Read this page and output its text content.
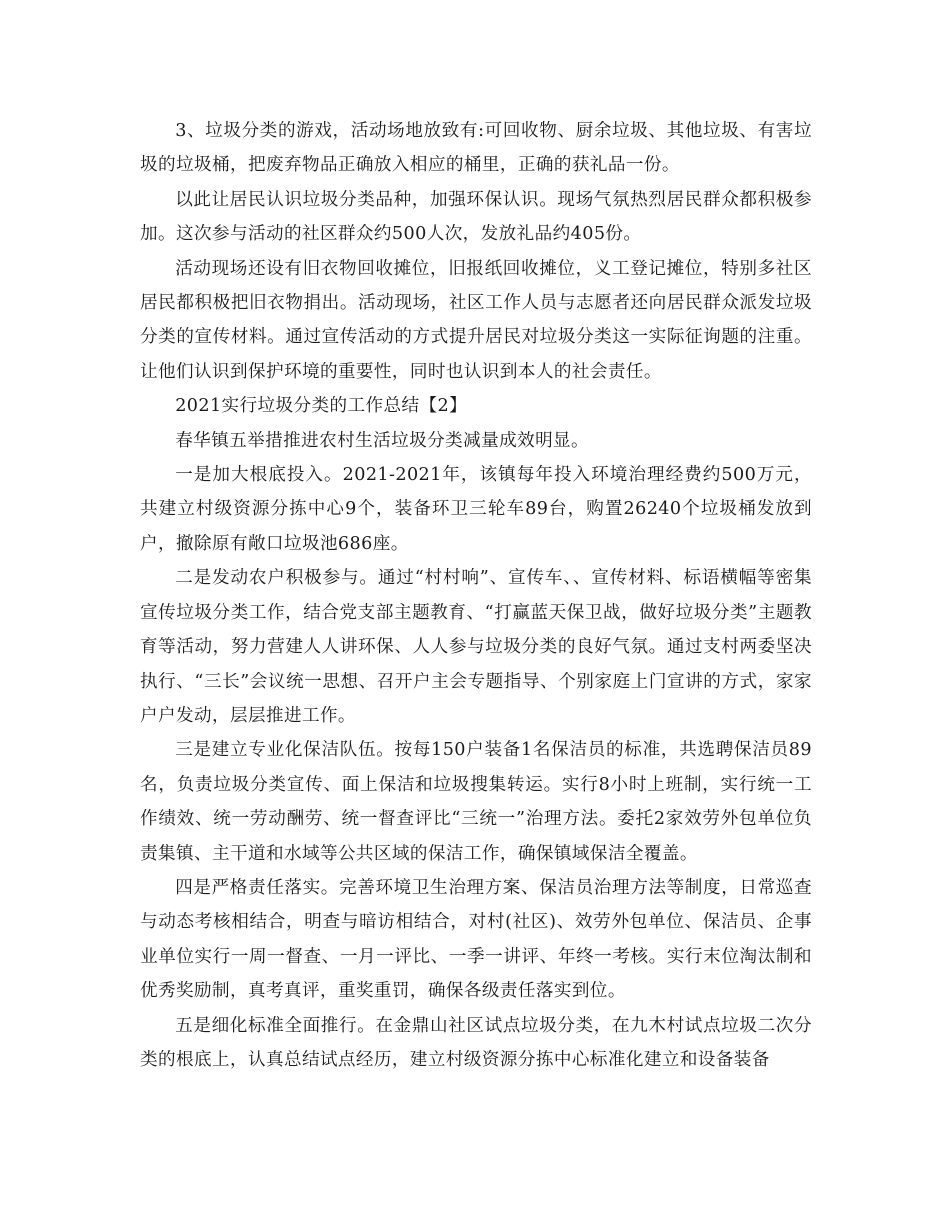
3、垃圾分类的游戏，活动场地放致有:可回收物、厨余垃圾、其他垃圾、有害垃圾的垃圾桶，把废弃物品正确放入相应的桶里，正确的获礼品一份。

以此让居民认识垃圾分类品种，加强环保认识。现场气氛热烈居民群众都积极参加。这次参与活动的社区群众约500人次，发放礼品约405份。

活动现场还设有旧衣物回收摊位，旧报纸回收摊位，义工登记摊位，特别多社区居民都积极把旧衣物捐出。活动现场，社区工作人员与志愿者还向居民群众派发垃圾分类的宣传材料。通过宣传活动的方式提升居民对垃圾分类这一实际征询题的注重。让他们认识到保护环境的重要性，同时也认识到本人的社会责任。

2021实行垃圾分类的工作总结【2】

春华镇五举措推进农村生活垃圾分类减量成效明显。

一是加大根底投入。2021-2021年，该镇每年投入环境治理经费约500万元，共建立村级资源分拣中心9个，装备环卫三轮车89台，购置26240个垃圾桶发放到户，撤除原有敞口垃圾池686座。

二是发动农户积极参与。通过“村村响”、宣传车、、宣传材料、标语横幅等密集宣传垃圾分类工作，结合党支部主题教育、“打赢蓝天保卫战，做好垃圾分类”主题教育等活动，努力营建人人讲环保、人人参与垃圾分类的良好气氛。通过支村两委坚决执行、“三长”会议统一思想、召开户主会专题指导、个别家庭上门宣讲的方式，家家户户发动，层层推进工作。

三是建立专业化保洁队伍。按每150户装备1名保洁员的标准，共选聘保洁员89名，负责垃圾分类宣传、面上保洁和垃圾搜集转运。实行8小时上班制，实行统一工作绩效、统一劳动酬劳、统一督查评比“三统一”治理方法。委托2家效劳外包单位负责集镇、主干道和水域等公共区域的保洁工作，确保镇域保洁全覆盖。

四是严格责任落实。完善环境卫生治理方案、保洁员治理方法等制度，日常巡查与动态考核相结合，明查与暗访相结合，对村(社区)、效劳外包单位、保洁员、企事业单位实行一周一督查、一月一评比、一季一讲评、年终一考核。实行末位淘汰制和优秀奖励制，真考真评，重奖重罚，确保各级责任落实到位。

五是细化标准全面推行。在金鼎山社区试点垃圾分类，在九木村试点垃圾二次分类的根底上，认真总结试点经历，建立村级资源分拣中心标准化建立和设备装备
